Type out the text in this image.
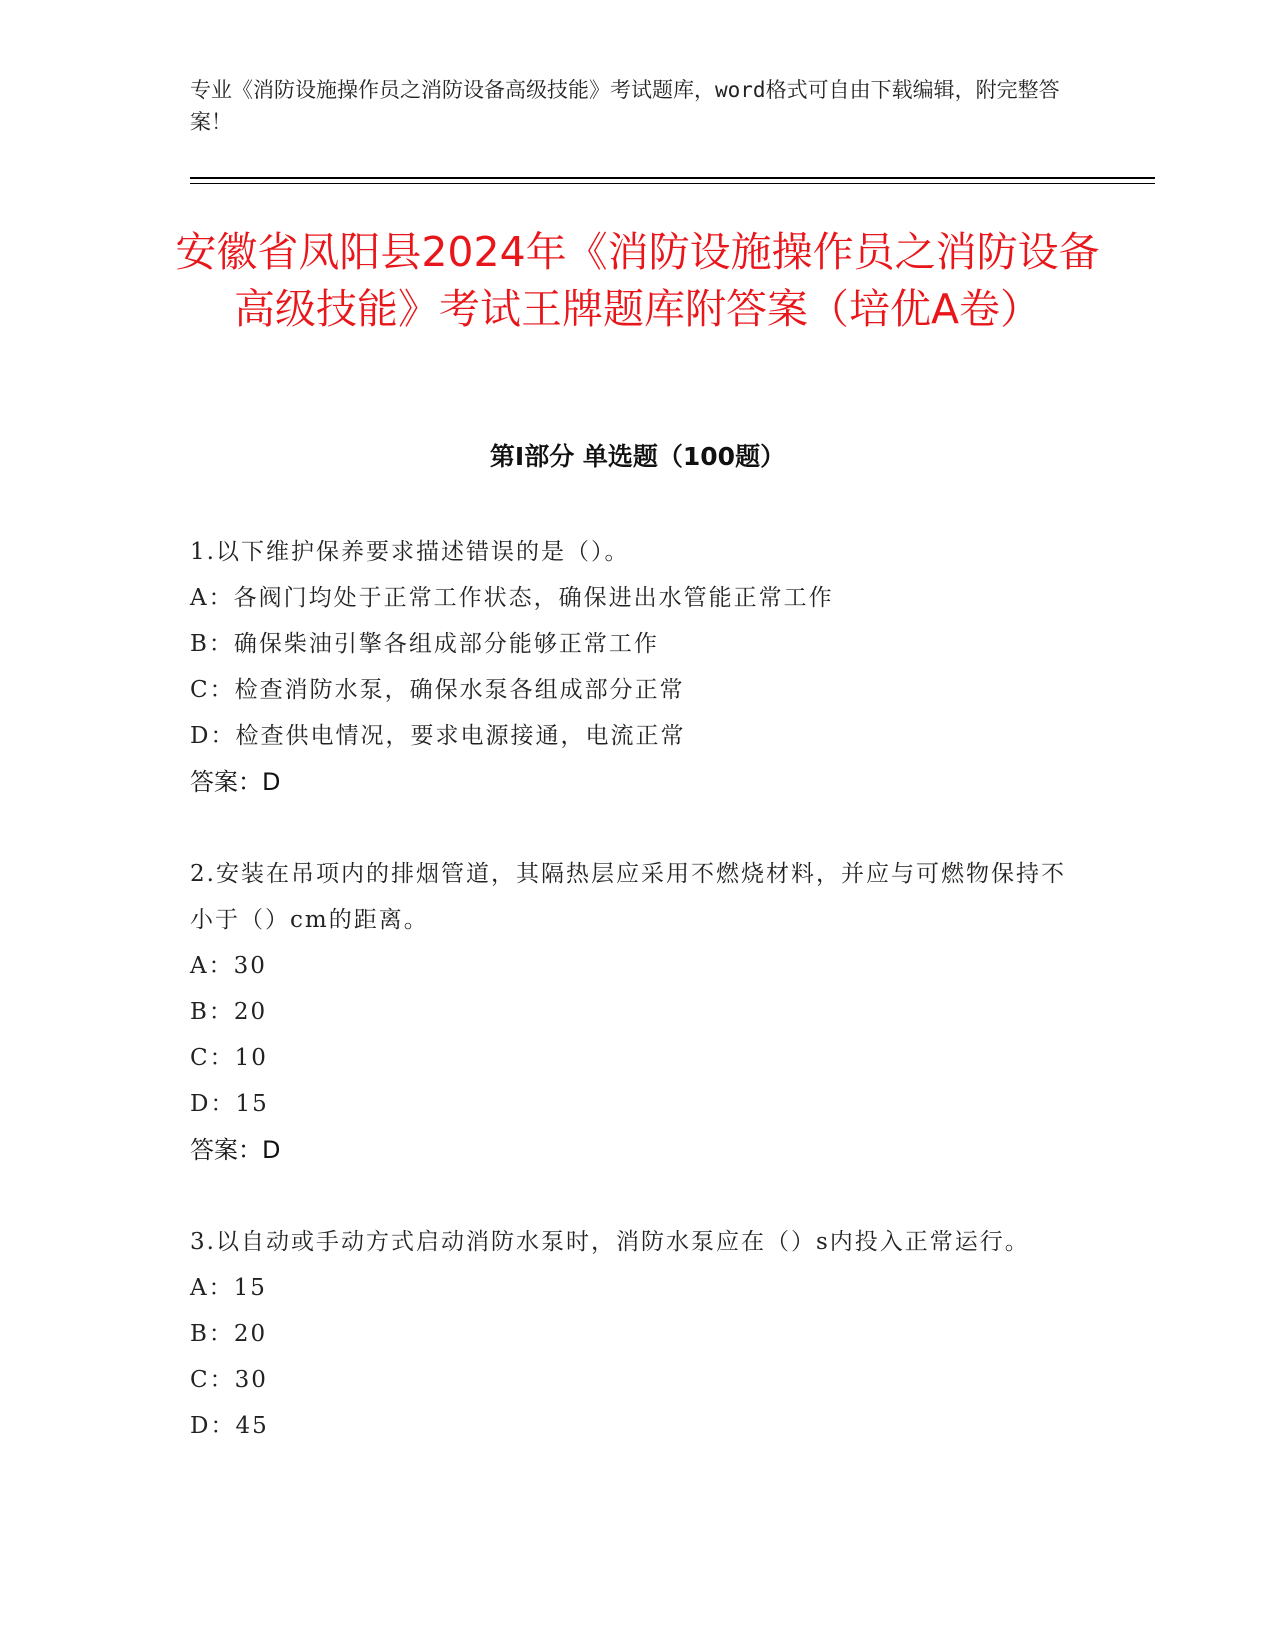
专业《消防设施操作员之消防设备高级技能》考试题库，word格式可自由下载编辑，附完整答案！

安徽省凤阳县2024年《消防设施操作员之消防设备高级技能》考试王牌题库附答案（培优A卷）
第I部分 单选题（100题）

1.以下维护保养要求描述错误的是（）。

A：各阀门均处于正常工作状态，确保进出水管能正常工作

B：确保柴油引擎各组成部分能够正常工作

C：检查消防水泵，确保水泵各组成部分正常

D：检查供电情况，要求电源接通，电流正常

答案：D

2.安装在吊项内的排烟管道，其隔热层应采用不燃烧材料，并应与可燃物保持不小于（）cm的距离。

A：30

B：20

C：10

D：15

答案：D

3.以自动或手动方式启动消防水泵时，消防水泵应在（）s内投入正常运行。

A：15

B：20

C：30

D：45
